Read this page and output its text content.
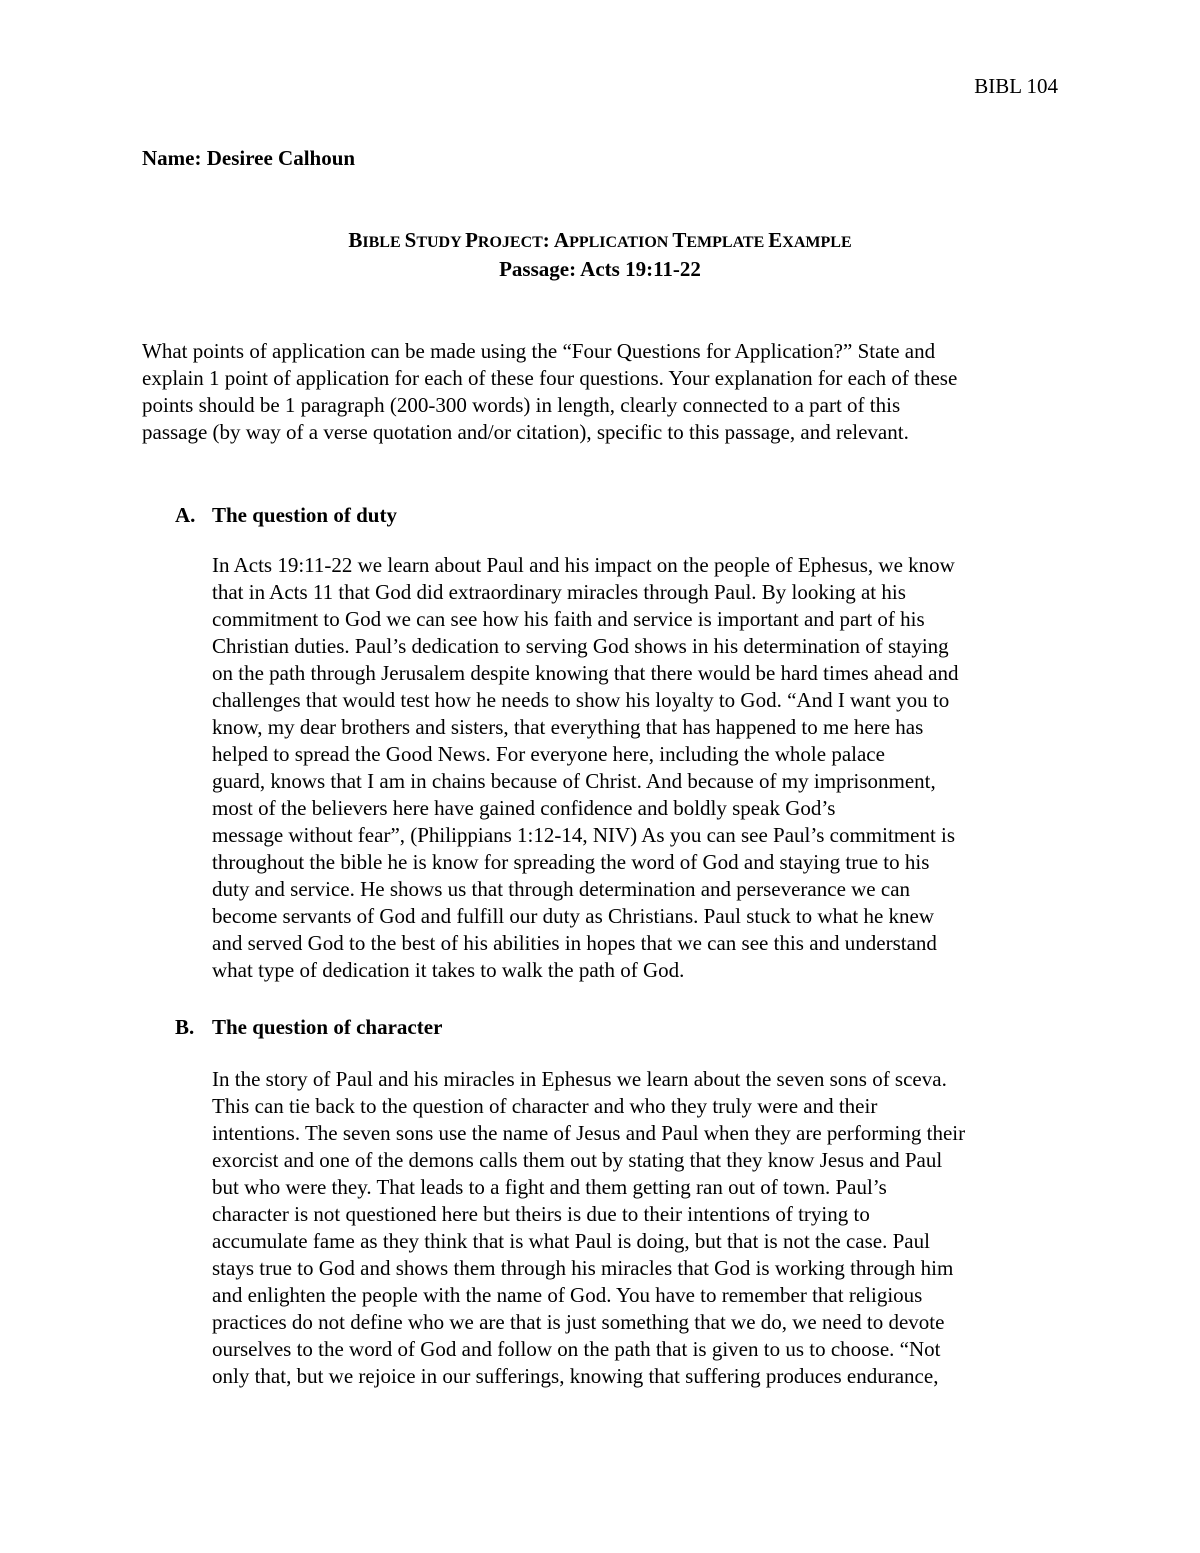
BIBL 104
Name: Desiree Calhoun
BIBLE STUDY PROJECT: APPLICATION TEMPLATE EXAMPLE
Passage: Acts 19:11-22
What points of application can be made using the “Four Questions for Application?” State and
explain 1 point of application for each of these four questions. Your explanation for each of these
points should be 1 paragraph (200-300 words) in length, clearly connected to a part of this
passage (by way of a verse quotation and/or citation), specific to this passage, and relevant.
A. The question of duty
In Acts 19:11-22 we learn about Paul and his impact on the people of Ephesus, we know
that in Acts 11 that God did extraordinary miracles through Paul. By looking at his
commitment to God we can see how his faith and service is important and part of his
Christian duties. Paul’s dedication to serving God shows in his determination of staying
on the path through Jerusalem despite knowing that there would be hard times ahead and
challenges that would test how he needs to show his loyalty to God. “And I want you to
know, my dear brothers and sisters, that everything that has happened to me here has
helped to spread the Good News. For everyone here, including the whole palace
guard, knows that I am in chains because of Christ. And because of my imprisonment,
most of the believers here have gained confidence and boldly speak God’s
message without fear”, (Philippians 1:12-14, NIV) As you can see Paul’s commitment is
throughout the bible he is know for spreading the word of God and staying true to his
duty and service. He shows us that through determination and perseverance we can
become servants of God and fulfill our duty as Christians. Paul stuck to what he knew
and served God to the best of his abilities in hopes that we can see this and understand
what type of dedication it takes to walk the path of God.
B. The question of character
In the story of Paul and his miracles in Ephesus we learn about the seven sons of sceva.
This can tie back to the question of character and who they truly were and their
intentions. The seven sons use the name of Jesus and Paul when they are performing their
exorcist and one of the demons calls them out by stating that they know Jesus and Paul
but who were they. That leads to a fight and them getting ran out of town. Paul’s
character is not questioned here but theirs is due to their intentions of trying to
accumulate fame as they think that is what Paul is doing, but that is not the case. Paul
stays true to God and shows them through his miracles that God is working through him
and enlighten the people with the name of God. You have to remember that religious
practices do not define who we are that is just something that we do, we need to devote
ourselves to the word of God and follow on the path that is given to us to choose. “Not
only that, but we rejoice in our sufferings, knowing that suffering produces endurance,
